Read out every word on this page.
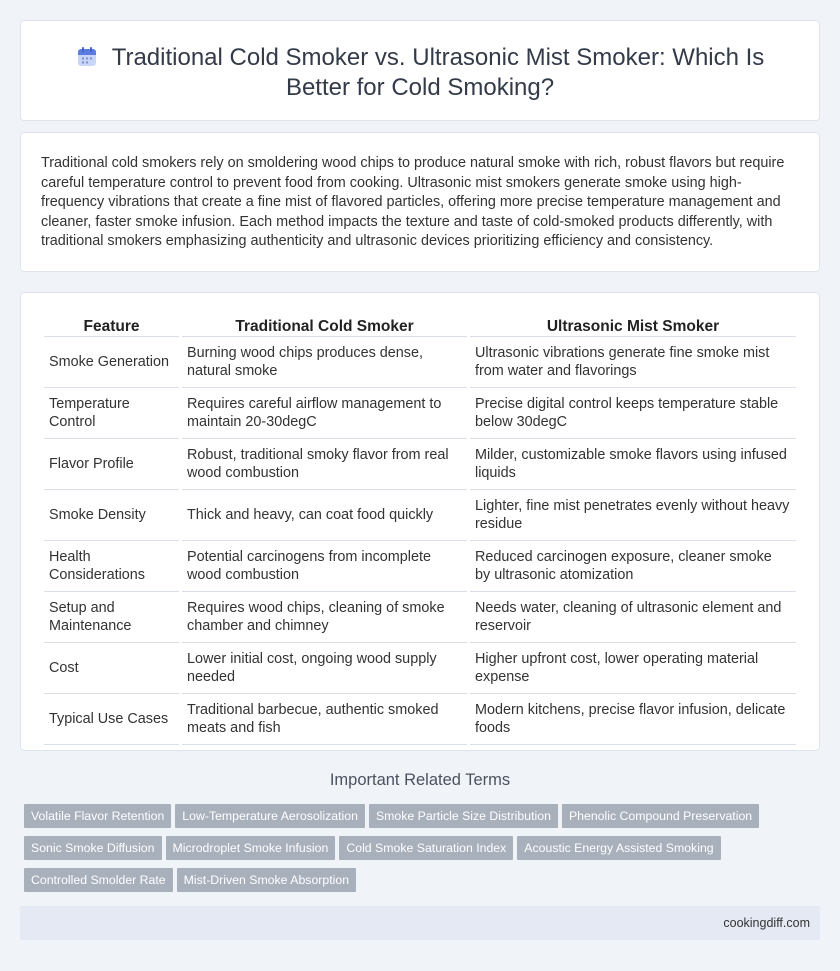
Traditional Cold Smoker vs. Ultrasonic Mist Smoker: Which Is Better for Cold Smoking?

Traditional cold smokers rely on smoldering wood chips to produce natural smoke with rich, robust flavors but require careful temperature control to prevent food from cooking. Ultrasonic mist smokers generate smoke using high-frequency vibrations that create a fine mist of flavored particles, offering more precise temperature management and cleaner, faster smoke infusion. Each method impacts the texture and taste of cold-smoked products differently, with traditional smokers emphasizing authenticity and ultrasonic devices prioritizing efficiency and consistency.

Feature	Traditional Cold Smoker	Ultrasonic Mist Smoker
Smoke Generation	Burning wood chips produces dense, natural smoke	Ultrasonic vibrations generate fine smoke mist from water and flavorings
Temperature Control	Requires careful airflow management to maintain 20-30degC	Precise digital control keeps temperature stable below 30degC
Flavor Profile	Robust, traditional smoky flavor from real wood combustion	Milder, customizable smoke flavors using infused liquids
Smoke Density	Thick and heavy, can coat food quickly	Lighter, fine mist penetrates evenly without heavy residue
Health Considerations	Potential carcinogens from incomplete wood combustion	Reduced carcinogen exposure, cleaner smoke by ultrasonic atomization
Setup and Maintenance	Requires wood chips, cleaning of smoke chamber and chimney	Needs water, cleaning of ultrasonic element and reservoir
Cost	Lower initial cost, ongoing wood supply needed	Higher upfront cost, lower operating material expense
Typical Use Cases	Traditional barbecue, authentic smoked meats and fish	Modern kitchens, precise flavor infusion, delicate foods
Important Related Terms
Volatile Flavor Retention Low-Temperature Aerosolization Smoke Particle Size Distribution Phenolic Compound Preservation
Sonic Smoke Diffusion Microdroplet Smoke Infusion Cold Smoke Saturation Index Acoustic Energy Assisted Smoking
Controlled Smolder Rate Mist-Driven Smoke Absorption
cookingdiff.com
